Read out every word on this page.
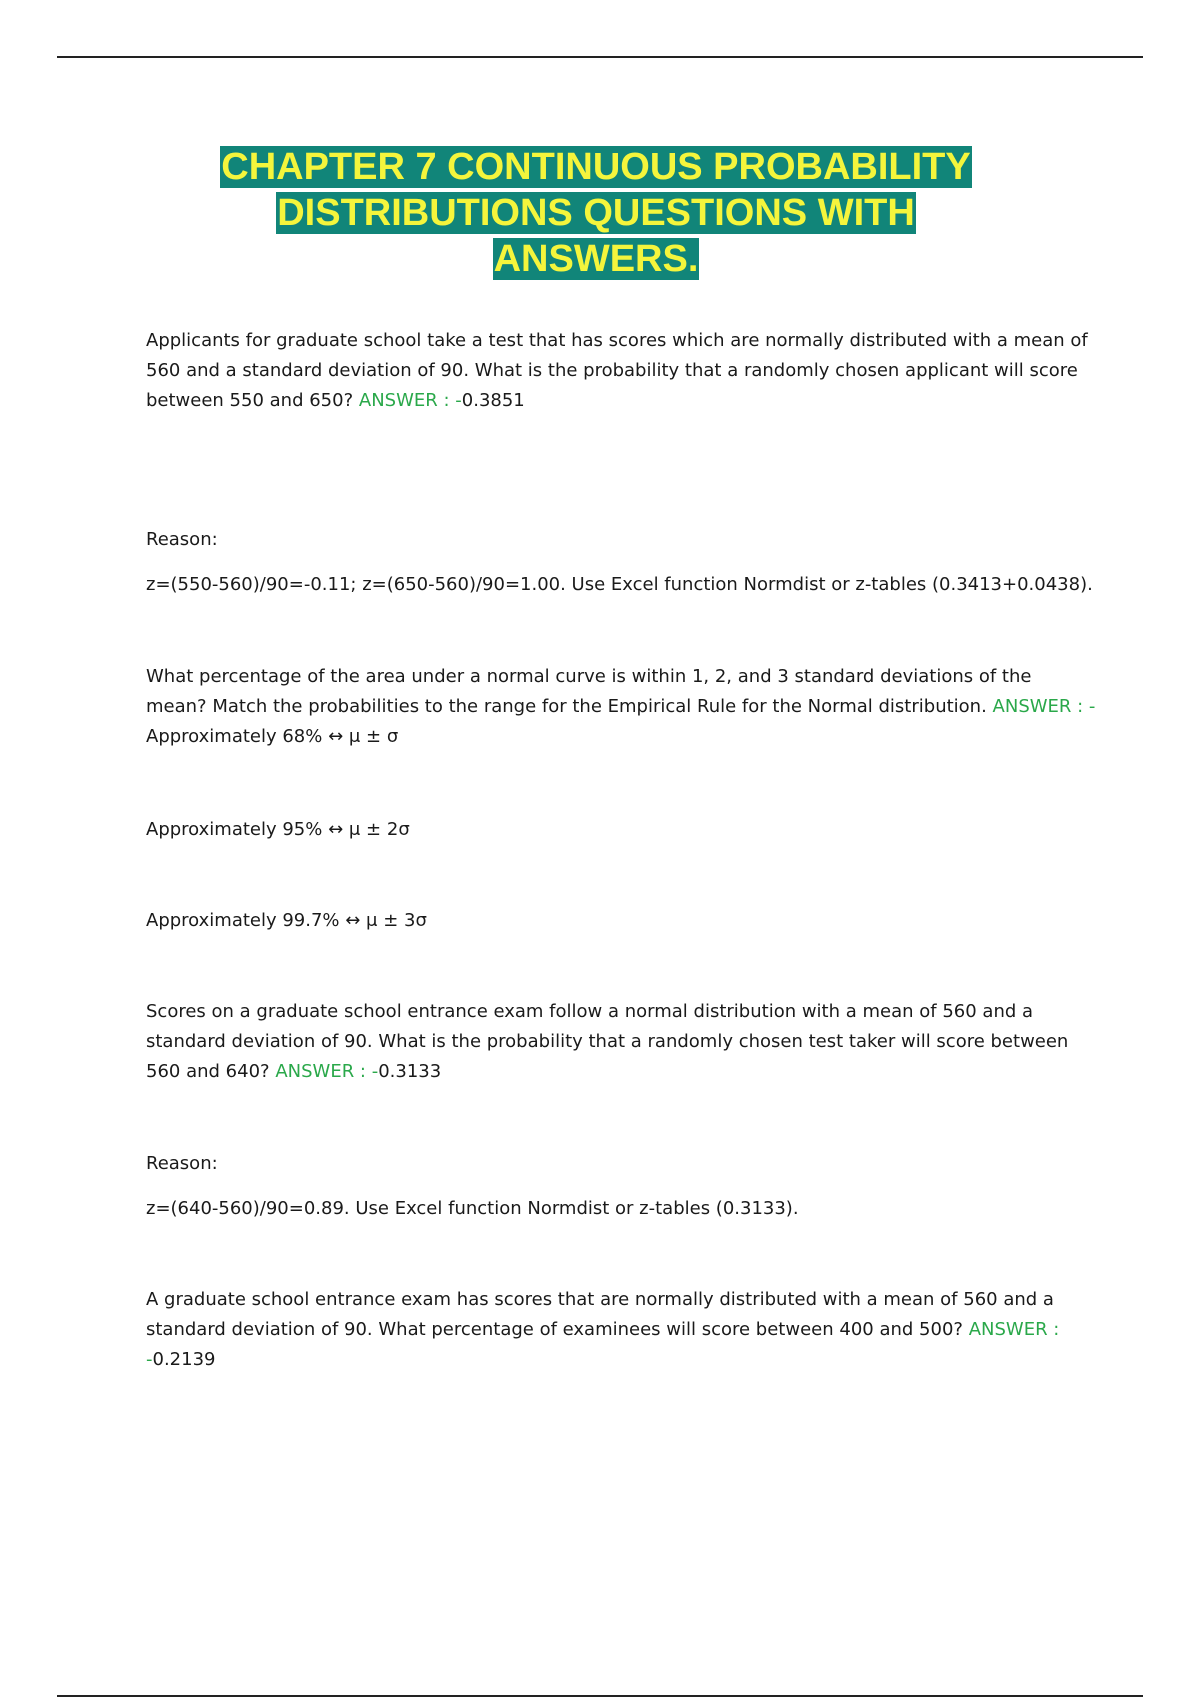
CHAPTER 7 CONTINUOUS PROBABILITY
DISTRIBUTIONS QUESTIONS WITH
ANSWERS.

Applicants for graduate school take a test that has scores which are normally distributed with a mean of 560 and a standard deviation of 90. What is the probability that a randomly chosen applicant will score between 550 and 650? ANSWER : -0.3851

Reason:

z=(550-560)/90=-0.11; z=(650-560)/90=1.00. Use Excel function Normdist or z-tables (0.3413+0.0438).

What percentage of the area under a normal curve is within 1, 2, and 3 standard deviations of the mean? Match the probabilities to the range for the Empirical Rule for the Normal distribution. ANSWER : -Approximately 68% ↔ μ ± σ

Approximately 95% ↔ μ ± 2σ

Approximately 99.7% ↔ μ ± 3σ

Scores on a graduate school entrance exam follow a normal distribution with a mean of 560 and a standard deviation of 90. What is the probability that a randomly chosen test taker will score between 560 and 640? ANSWER : -0.3133

Reason:

z=(640-560)/90=0.89. Use Excel function Normdist or z-tables (0.3133).

A graduate school entrance exam has scores that are normally distributed with a mean of 560 and a standard deviation of 90. What percentage of examinees will score between 400 and 500? ANSWER : -0.2139
